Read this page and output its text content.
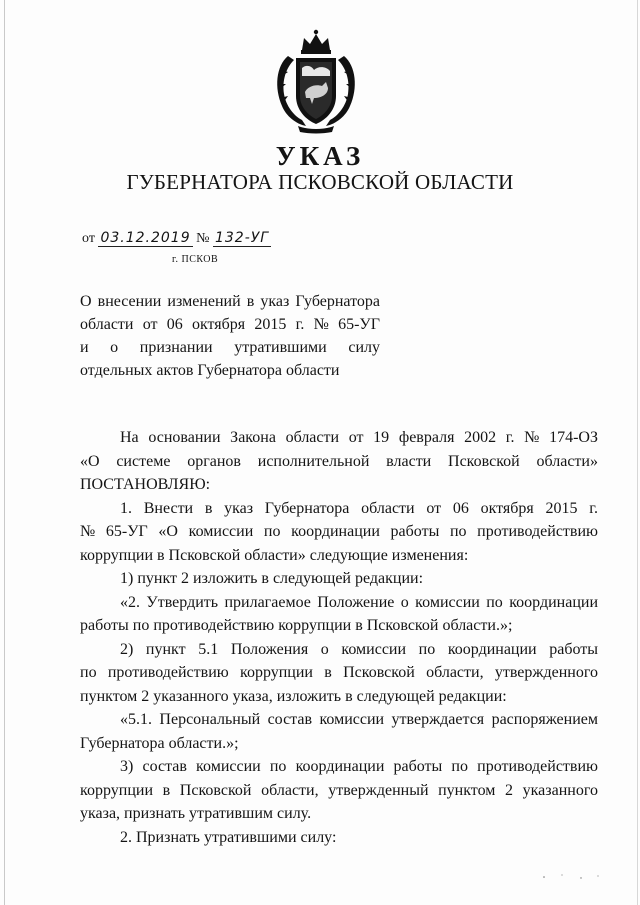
УКАЗ
ГУБЕРНАТОРА ПСКОВСКОЙ ОБЛАСТИ
от 03.12.2019 № 132-УГ
г. ПСКОВ
О внесении изменений в указ Губернатора
области от 06 октября 2015 г. № 65-УГ
и о признании утратившими силу
отдельных актов Губернатора области
На основании Закона области от 19 февраля 2002 г. № 174-ОЗ
«О системе органов исполнительной власти Псковской области»
ПОСТАНОВЛЯЮ:
1. Внести в указ Губернатора области от 06 октября 2015 г.
№ 65-УГ «О комиссии по координации работы по противодействию
коррупции в Псковской области» следующие изменения:
1) пункт 2 изложить в следующей редакции:
«2. Утвердить прилагаемое Положение о комиссии по координации
работы по противодействию коррупции в Псковской области.»;
2) пункт 5.1 Положения о комиссии по координации работы
по противодействию коррупции в Псковской области, утвержденного
пунктом 2 указанного указа, изложить в следующей редакции:
«5.1. Персональный состав комиссии утверждается распоряжением
Губернатора области.»;
3) состав комиссии по координации работы по противодействию
коррупции в Псковской области, утвержденный пунктом 2 указанного
указа, признать утратившим силу.
2. Признать утратившими силу:
